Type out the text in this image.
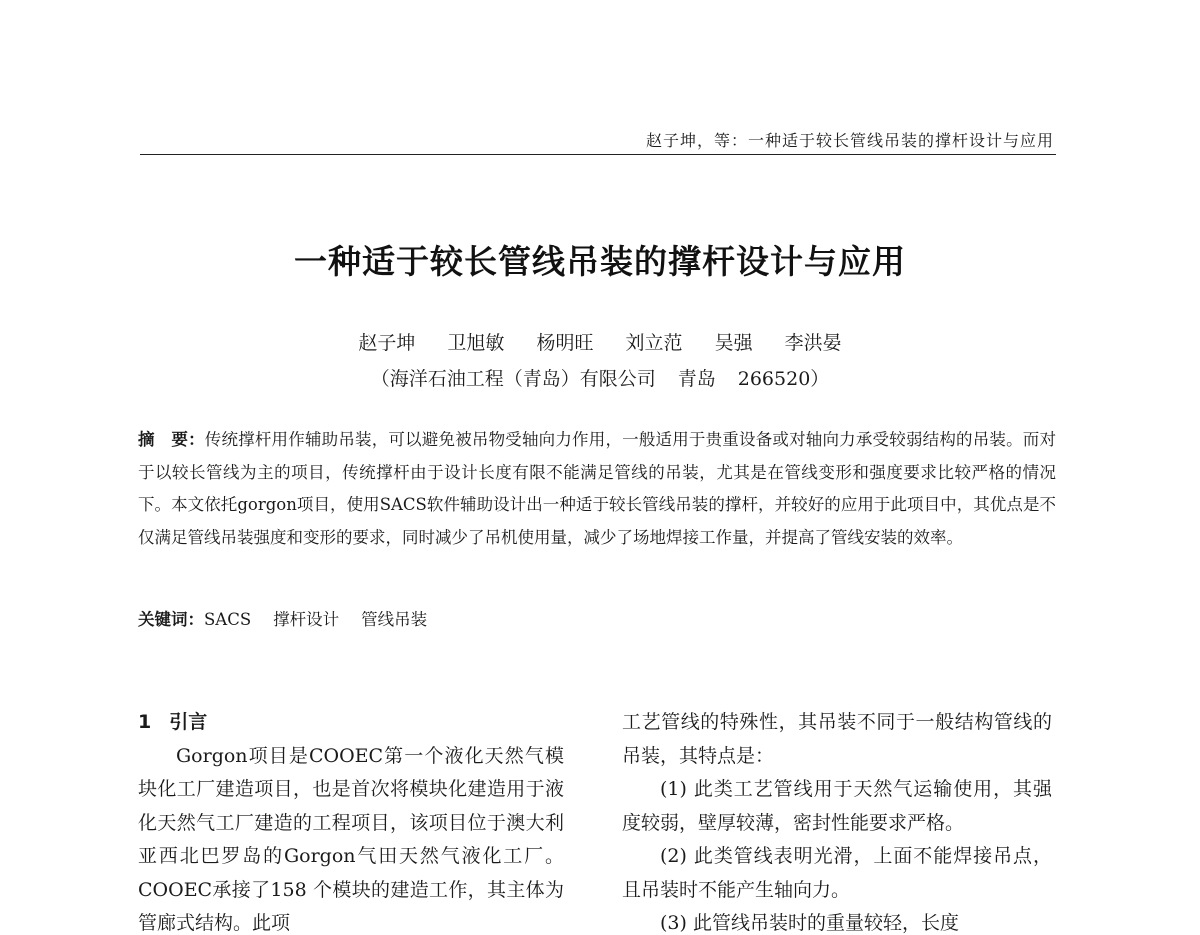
赵子坤，等：一种适于较长管线吊装的撑杆设计与应用
一种适于较长管线吊装的撑杆设计与应用
赵子坤 卫旭敏 杨明旺 刘立范 吴强 李洪晏
（海洋石油工程（青岛）有限公司 青岛 266520）
摘　要：传统撑杆用作辅助吊装，可以避免被吊物受轴向力作用，一般适用于贵重设备或对轴向力承受较弱结构的吊装。而对于以较长管线为主的项目，传统撑杆由于设计长度有限不能满足管线的吊装，尤其是在管线变形和强度要求比较严格的情况下。本文依托gorgon项目，使用SACS软件辅助设计出一种适于较长管线吊装的撑杆，并较好的应用于此项目中，其优点是不仅满足管线吊装强度和变形的要求，同时减少了吊机使用量，减少了场地焊接工作量，并提高了管线安装的效率。
关键词：SACS 撑杆设计 管线吊装
1 引言

Gorgon项目是COOEC第一个液化天然气模块化工厂建造项目，也是首次将模块化建造用于液化天然气工厂建造的工程项目，该项目位于澳大利亚西北巴罗岛的Gorgon气田天然气液化工厂。COOEC承接了158 个模块的建造工作，其主体为管廊式结构。此项

工艺管线的特殊性，其吊装不同于一般结构管线的吊装，其特点是：

(1) 此类工艺管线用于天然气运输使用，其强度较弱，壁厚较薄，密封性能要求严格。

(2) 此类管线表明光滑，上面不能焊接吊点，且吊装时不能产生轴向力。

(3) 此管线吊装时的重量较轻，长度
